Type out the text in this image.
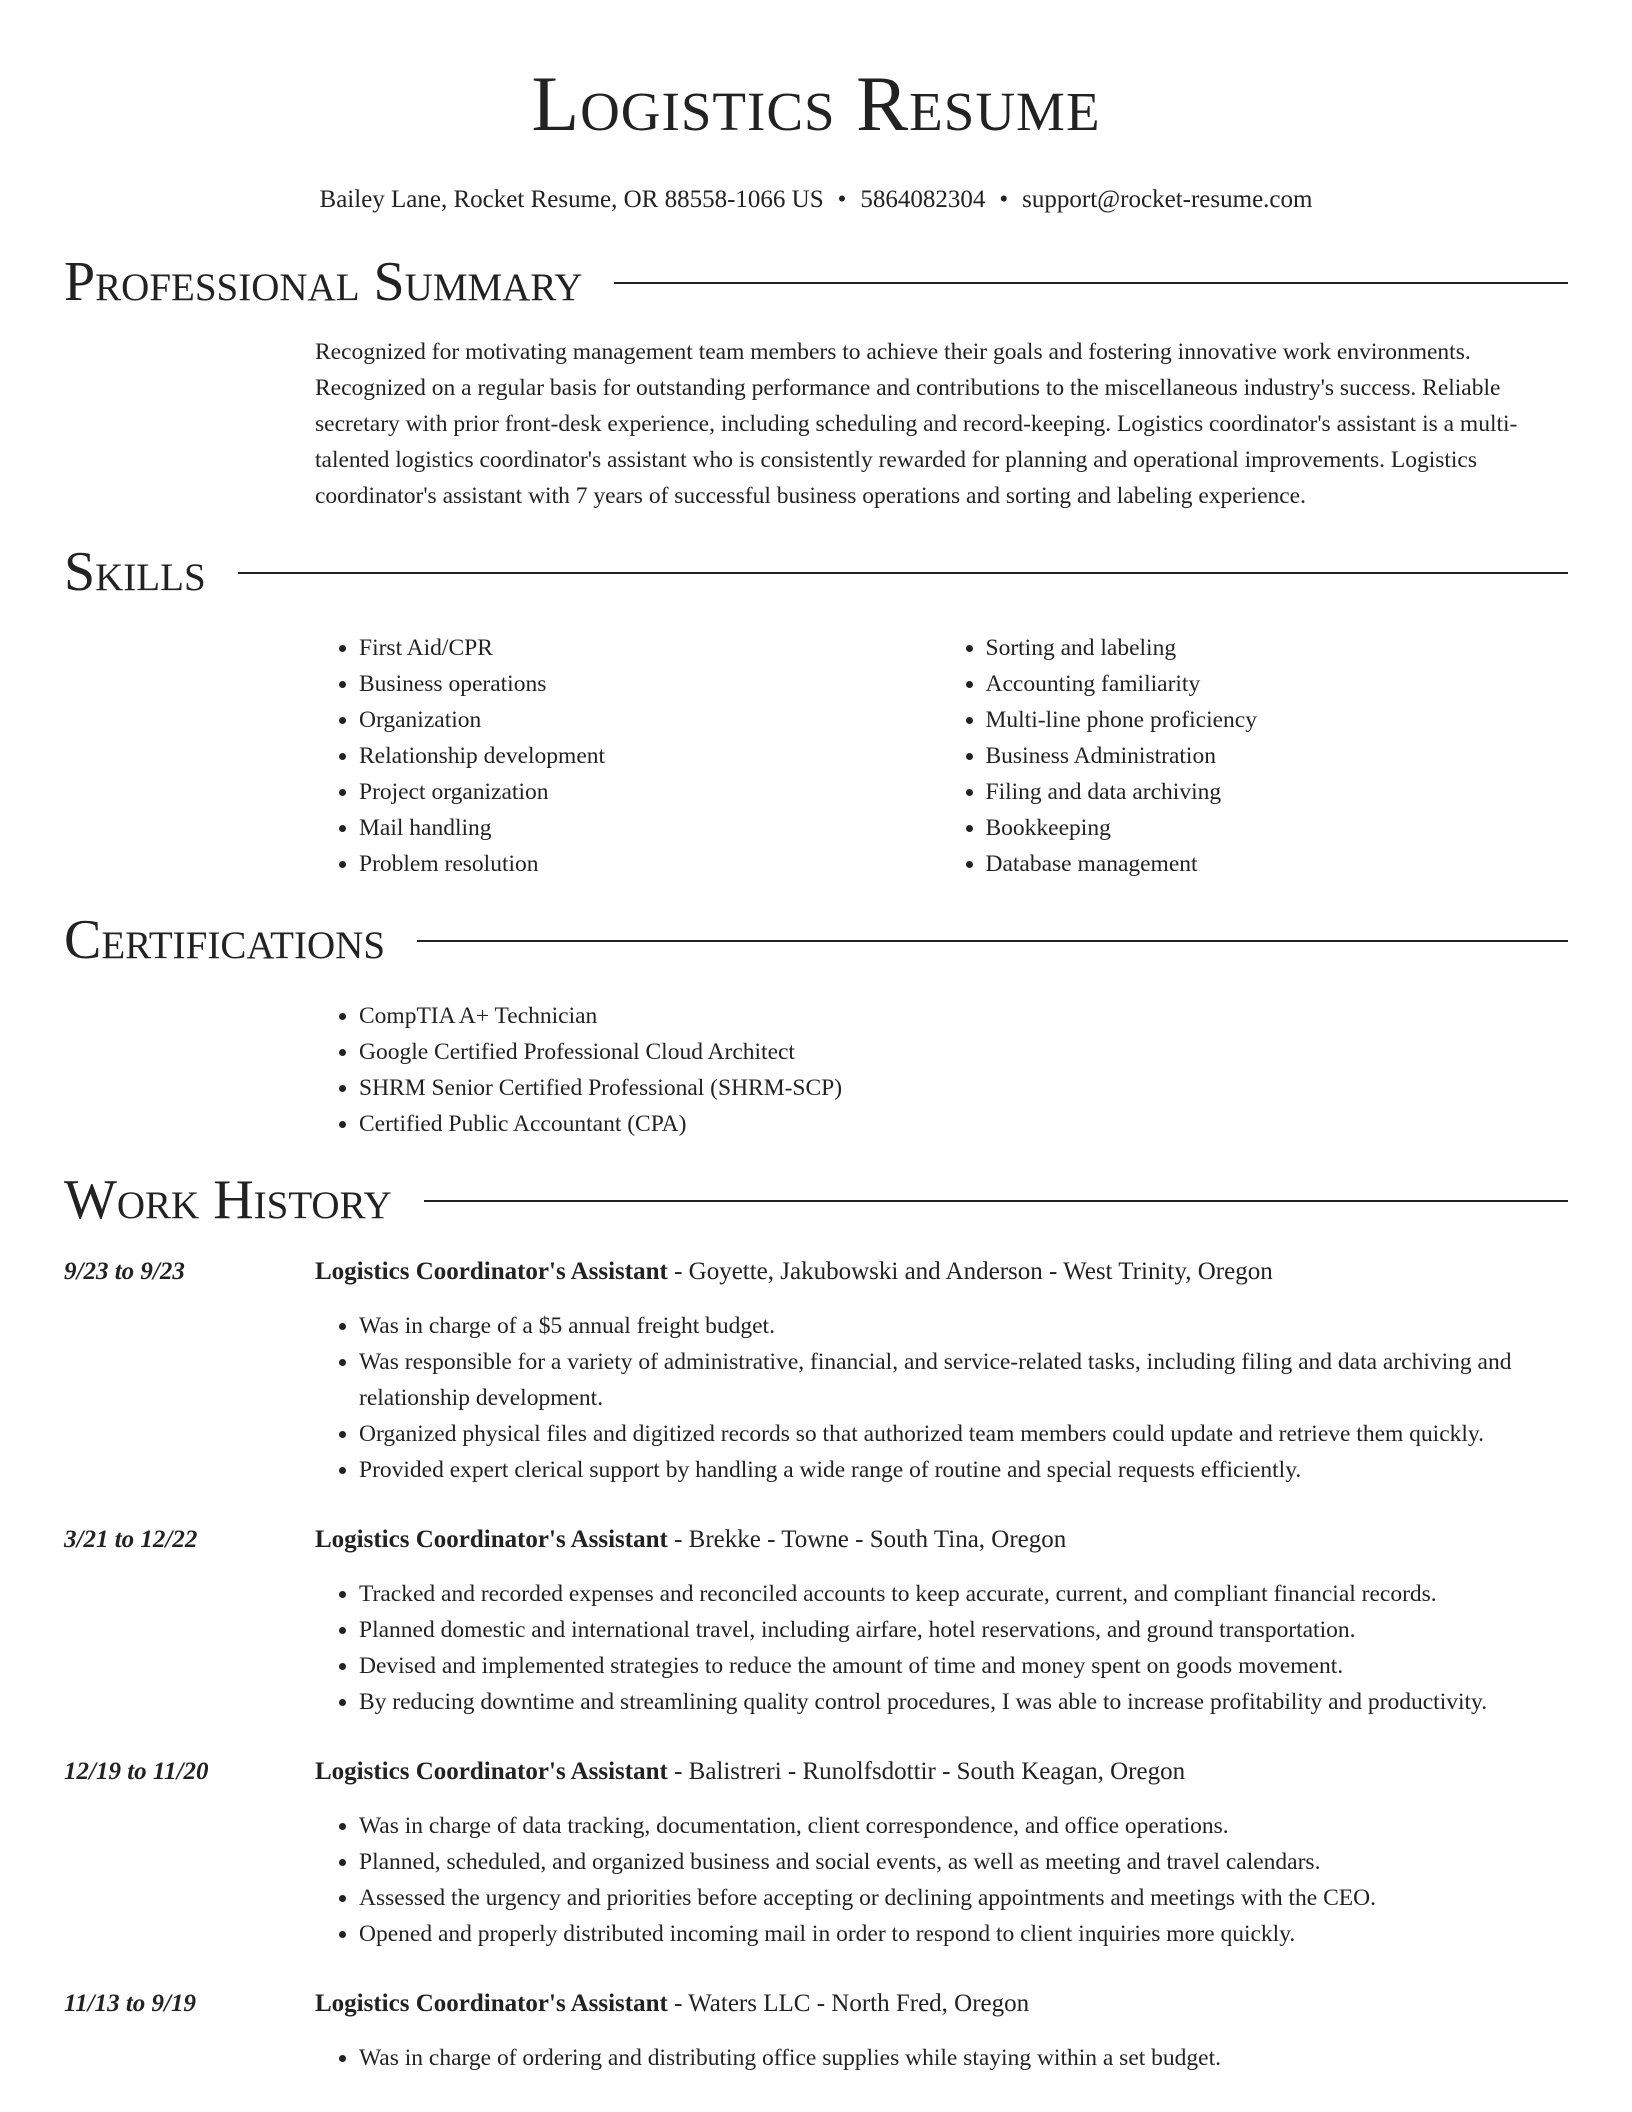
Logistics Resume
Bailey Lane, Rocket Resume, OR 88558-1066 US • 5864082304 • support@rocket-resume.com
Professional Summary
Recognized for motivating management team members to achieve their goals and fostering innovative work environments. Recognized on a regular basis for outstanding performance and contributions to the miscellaneous industry's success. Reliable secretary with prior front-desk experience, including scheduling and record-keeping. Logistics coordinator's assistant is a multi-talented logistics coordinator's assistant who is consistently rewarded for planning and operational improvements. Logistics coordinator's assistant with 7 years of successful business operations and sorting and labeling experience.
Skills
• First Aid/CPR
• Business operations
• Organization
• Relationship development
• Project organization
• Mail handling
• Problem resolution
• Sorting and labeling
• Accounting familiarity
• Multi-line phone proficiency
• Business Administration
• Filing and data archiving
• Bookkeeping
• Database management
Certifications
• CompTIA A+ Technician
• Google Certified Professional Cloud Architect
• SHRM Senior Certified Professional (SHRM-SCP)
• Certified Public Accountant (CPA)
Work History
9/23 to 9/23	Logistics Coordinator's Assistant - Goyette, Jakubowski and Anderson - West Trinity, Oregon
• Was in charge of a $5 annual freight budget.
• Was responsible for a variety of administrative, financial, and service-related tasks, including filing and data archiving and relationship development.
• Organized physical files and digitized records so that authorized team members could update and retrieve them quickly.
• Provided expert clerical support by handling a wide range of routine and special requests efficiently.
3/21 to 12/22	Logistics Coordinator's Assistant - Brekke - Towne - South Tina, Oregon
• Tracked and recorded expenses and reconciled accounts to keep accurate, current, and compliant financial records.
• Planned domestic and international travel, including airfare, hotel reservations, and ground transportation.
• Devised and implemented strategies to reduce the amount of time and money spent on goods movement.
• By reducing downtime and streamlining quality control procedures, I was able to increase profitability and productivity.
12/19 to 11/20	Logistics Coordinator's Assistant - Balistreri - Runolfsdottir - South Keagan, Oregon
• Was in charge of data tracking, documentation, client correspondence, and office operations.
• Planned, scheduled, and organized business and social events, as well as meeting and travel calendars.
• Assessed the urgency and priorities before accepting or declining appointments and meetings with the CEO.
• Opened and properly distributed incoming mail in order to respond to client inquiries more quickly.
11/13 to 9/19	Logistics Coordinator's Assistant - Waters LLC - North Fred, Oregon
• Was in charge of ordering and distributing office supplies while staying within a set budget.
